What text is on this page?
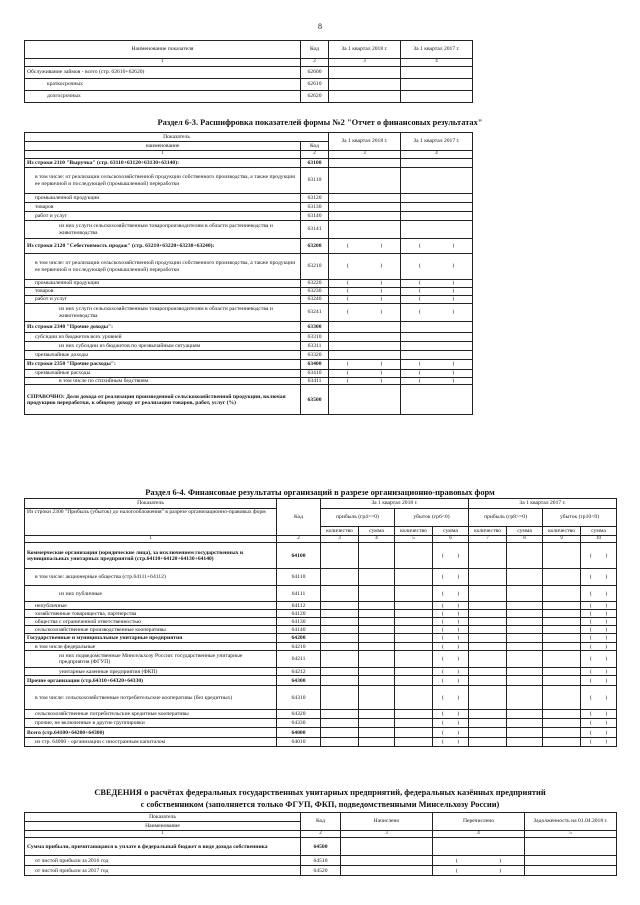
8
Наименование показателя	Код	За 1 квартал 2018 г.	За 1 квартал 2017 г.
1	2	3	4
Обслуживание займов - всего (стр. 62610+62620)	62600		
краткосрочных	62610		
долгосрочных	62620		
Раздел 6-3. Расшифровка показателей формы №2 "Отчет о финансовых результатах"
Показатель		За 1 квартал 2018 г.	За 1 квартал 2017 г.
наименование	Код		
1	2	3	4
Из строки 2110 "Выручка" (стр. 63110+63120+63130+63140):	63100		
в том числе: от реализации сельскохозяйственной продукции собственного производства, а также продукции ее первичной и последующей (промышленной) переработки	63110		
промышленной продукции	63120		
товаров	63130		
работ и услуг	63140		
из них услуги сельскохозяйственным товаропроизводителям в области растениеводства и животноводства	63141		
Из строки 2120 "Себестоимость продаж" (стр. 63210+63220+63230+63240):	63200	( )	( )

в том числе: от реализации сельскохозяйственной продукции собственного производства, а также продукции ее первичной и последующей (промышленной) переработки	63210	( )	( )

промышленной продукции	63220	( )	( )

товаров	63230	( )	( )

работ и услуг	63240	( )	( )

из них услуги сельскохозяйственным товаропроизводителям в области растениеводства и животноводства	63241	( )	( )

Из строки 2340 "Прочие доходы":	63300		
субсидии из бюджетов всех уровней	63310		
из них субсидии из бюджетов по чрезвычайным ситуациям	63311		
чрезвычайные доходы	63320		
Из строки 2350 "Прочие расходы":	63400	( )	( )

чрезвычайные расходы	63410	( )	( )

в том числе по стихийным бедствиям	63411	( )	( )

СПРАВОЧНО: Доля дохода от реализации произведенной сельскохозяйственной продукции, включая продукцию переработки, к общему доходу от реализации товаров, работ, услуг (%)	63500		
Раздел 6-4. Финансовые результаты организаций в разрезе организационно-правовых форм
Показатель	Код	За 1 квартал 2018 г.				За 1 квартал 2017 г.			
Из строки 2300 "Прибыль (убыток) до налогообложения" в разрезе организационно-правовых форм		прибыль (гр4>=0)		убыток (гр6<0)		прибыль (гр8>=0)		убыток (гр10<0)	
		количество	сумма	количество	сумма	количество	сумма	количество	сумма
1	2	3	4	5	6	7	8	9	10
Коммерческие организации (юридические лица), за исключением государственных и муниципальных унитарных предприятий (стр.64110+64120+64130+64140)	64100				( )				( )

в том числе: акционерные общества (стр.64111+64112)	64110				( )				( )

из них публичные	64111				( )				( )

непубличные	64112				( )				( )

хозяйственные товарищества, партнерства	64120				( )				( )

общества с ограниченной ответственностью	64130				( )				( )

сельскохозяйственные производственные кооперативы	64140				( )				( )

Государственные и муниципальные унитарные предприятия	64200				( )				( )

в том числе федеральные	64210				( )				( )

из них подведомственные Минсельхозу России: государственные унитарные предприятия (ФГУП)	64211				( )				( )

унитарные казенные предприятия (ФКП)	64212				( )				( )

Прочие организации (стр.64310+64320+64330)	64300				( )				( )

в том числе: сельскохозяйственные потребительские кооперативы (без кредитных)	64310				( )				( )

сельскохозяйственные потребительские кредитные кооперативы	64320				( )				( )

прочие, не включенные в другие группировки	64330				( )				( )

Всего (стр.64100+64200+64300)	64000				( )				( )

из стр. 64000 - организации с иностранным капиталом	64010				( )				( )
СВЕДЕНИЯ о расчётах федеральных государственных унитарных предприятий, федеральных казённых предприятий
с собственником (заполняется только ФГУП, ФКП, подведомственными Минсельхозу России)
Показатель	Код	Начислено	Перечислено	Задолженность на 01.04.2018 г.
Наименование				
1	2	3	4	5
Сумма прибыли, причитающаяся к уплате в федеральный бюджет в виде дохода собственника	64500			
от чистой прибыли за 2016 год	64510		( )	

от чистой прибыли за 2017 год	64520		( )	
